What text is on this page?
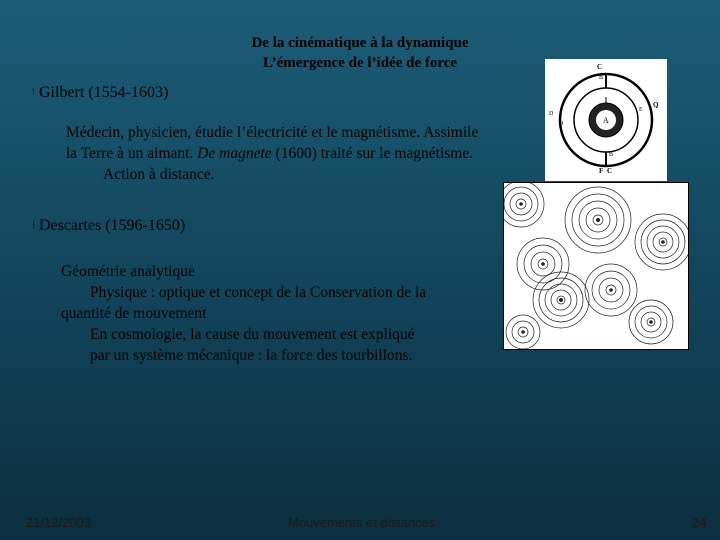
De la cinématique à la dynamique
L’émergence de l’idée de force
! Gilbert (1554-1603)
Médecin, physicien, étudie l’électricité et le magnétisme. Assimile
la Terre à un aimant. De magnete (1600) traité sur le magnétisme.
Action à distance.
C
B
A
E
Q
D
D
B
F C
! Descartes (1596-1650)
Géométrie analytique
Physique : optique et concept de la Conservation de la
quantité de mouvement
En cosmologie, la cause du mouvement est expliqué
par un système mécanique : la force des tourbillons.
21/12/2003	Mouvements et distances	24
